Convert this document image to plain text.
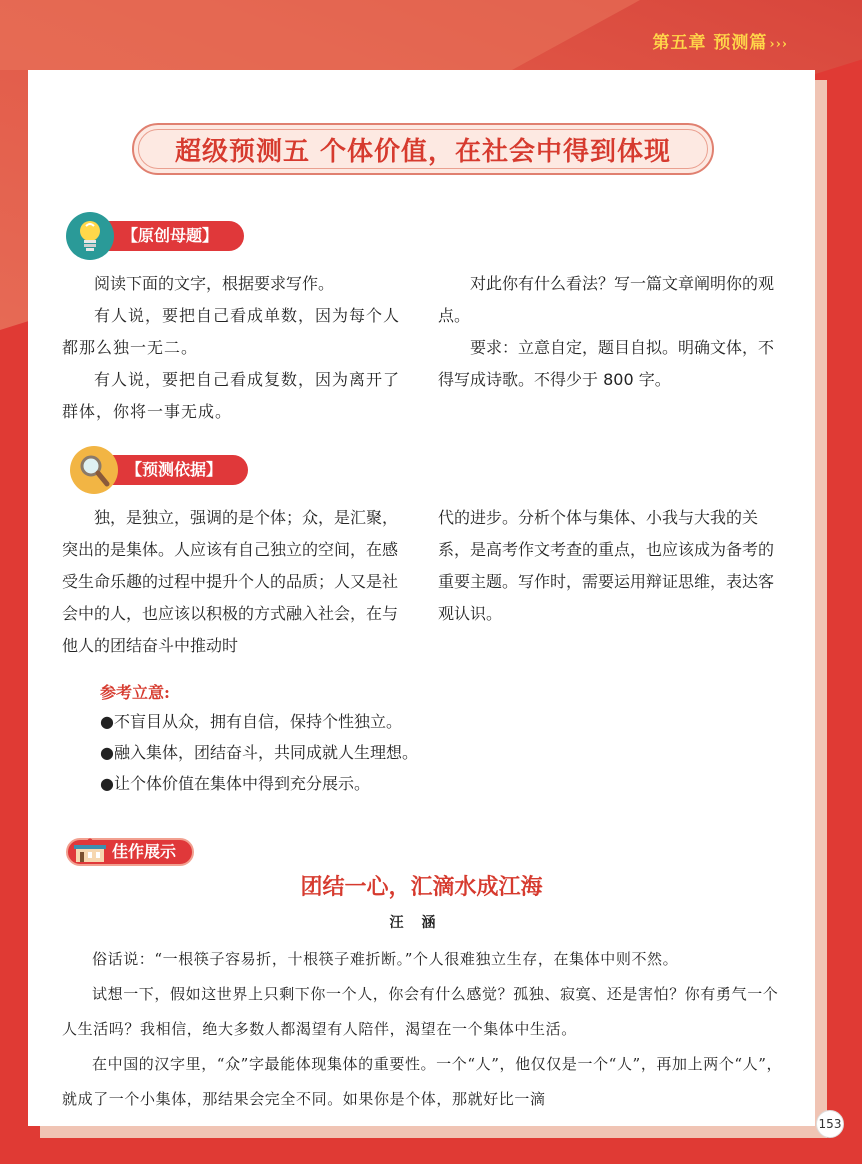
第五章 预测篇 ›››
超级预测五 个体价值，在社会中得到体现
【原创母题】

阅读下面的文字，根据要求写作。

有人说，要把自己看成单数，因为每个人都那么独一无二。

有人说，要把自己看成复数，因为离开了群体，你将一事无成。

对此你有什么看法？写一篇文章阐明你的观点。

要求：立意自定，题目自拟。明确文体，不得写成诗歌。不得少于 800 字。

【预测依据】

独，是独立，强调的是个体；众，是汇聚，突出的是集体。人应该有自己独立的空间，在感受生命乐趣的过程中提升个人的品质；人又是社会中的人，也应该以积极的方式融入社会，在与他人的团结奋斗中推动时

代的进步。分析个体与集体、小我与大我的关系，是高考作文考查的重点，也应该成为备考的重要主题。写作时，需要运用辩证思维，表达客观认识。

参考立意:
●不盲目从众，拥有自信，保持个性独立。
●融入集体，团结奋斗，共同成就人生理想。
●让个体价值在集体中得到充分展示。
佳作展示
团结一心，汇滴水成江海
汪涵

俗话说：“一根筷子容易折，十根筷子难折断。”个人很难独立生存，在集体中则不然。

试想一下，假如这世界上只剩下你一个人，你会有什么感觉？孤独、寂寞、还是害怕？你有勇气一个人生活吗？我相信，绝大多数人都渴望有人陪伴，渴望在一个集体中生活。

在中国的汉字里，“众”字最能体现集体的重要性。一个“人”，他仅仅是一个“人”，再加上两个“人”，就成了一个小集体，那结果会完全不同。如果你是个体，那就好比一滴

153
